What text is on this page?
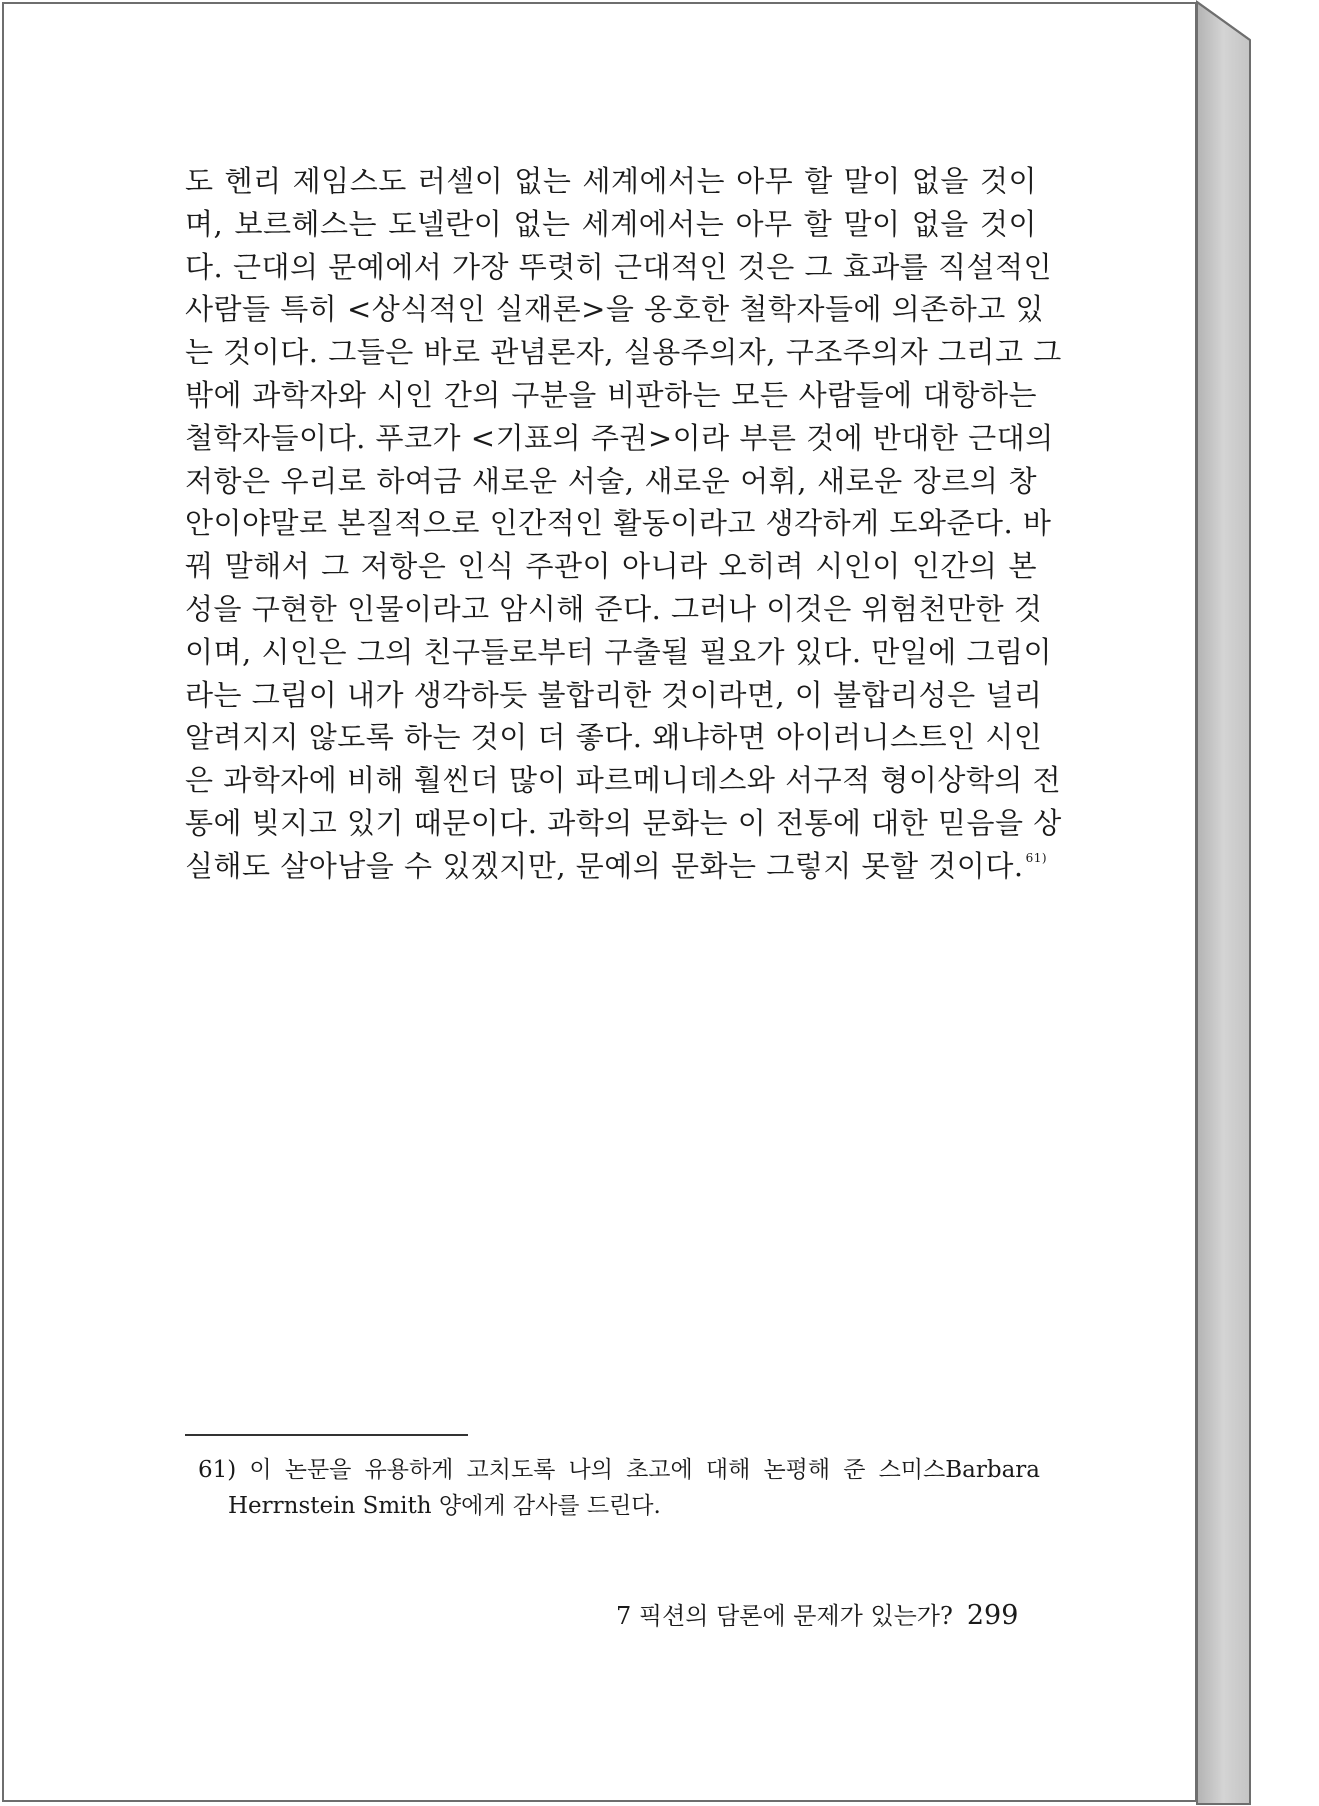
도 헨리 제임스도 러셀이 없는 세계에서는 아무 할 말이 없을 것이
며, 보르헤스는 도넬란이 없는 세계에서는 아무 할 말이 없을 것이
다. 근대의 문예에서 가장 뚜렷히 근대적인 것은 그 효과를 직설적인
사람들 특히 <상식적인 실재론>을 옹호한 철학자들에 의존하고 있
는 것이다. 그들은 바로 관념론자, 실용주의자, 구조주의자 그리고 그
밖에 과학자와 시인 간의 구분을 비판하는 모든 사람들에 대항하는
철학자들이다. 푸코가 <기표의 주권>이라 부른 것에 반대한 근대의
저항은 우리로 하여금 새로운 서술, 새로운 어휘, 새로운 장르의 창
안이야말로 본질적으로 인간적인 활동이라고 생각하게 도와준다. 바
꿔 말해서 그 저항은 인식 주관이 아니라 오히려 시인이 인간의 본
성을 구현한 인물이라고 암시해 준다. 그러나 이것은 위험천만한 것
이며, 시인은 그의 친구들로부터 구출될 필요가 있다. 만일에 그림이
라는 그림이 내가 생각하듯 불합리한 것이라면, 이 불합리성은 널리
알려지지 않도록 하는 것이 더 좋다. 왜냐하면 아이러니스트인 시인
은 과학자에 비해 훨씬더 많이 파르메니데스와 서구적 형이상학의 전
통에 빚지고 있기 때문이다. 과학의 문화는 이 전통에 대한 믿음을 상
실해도 살아남을 수 있겠지만, 문예의 문화는 그렇지 못할 것이다. $^{61)}$
61) 이 논문을 유용하게 고치도록 나의 초고에 대해 논평해 준 스미스Barbara
Herrnstein Smith 양에게 감사를 드린다.
7 픽션의 담론에 문제가 있는가? 299
